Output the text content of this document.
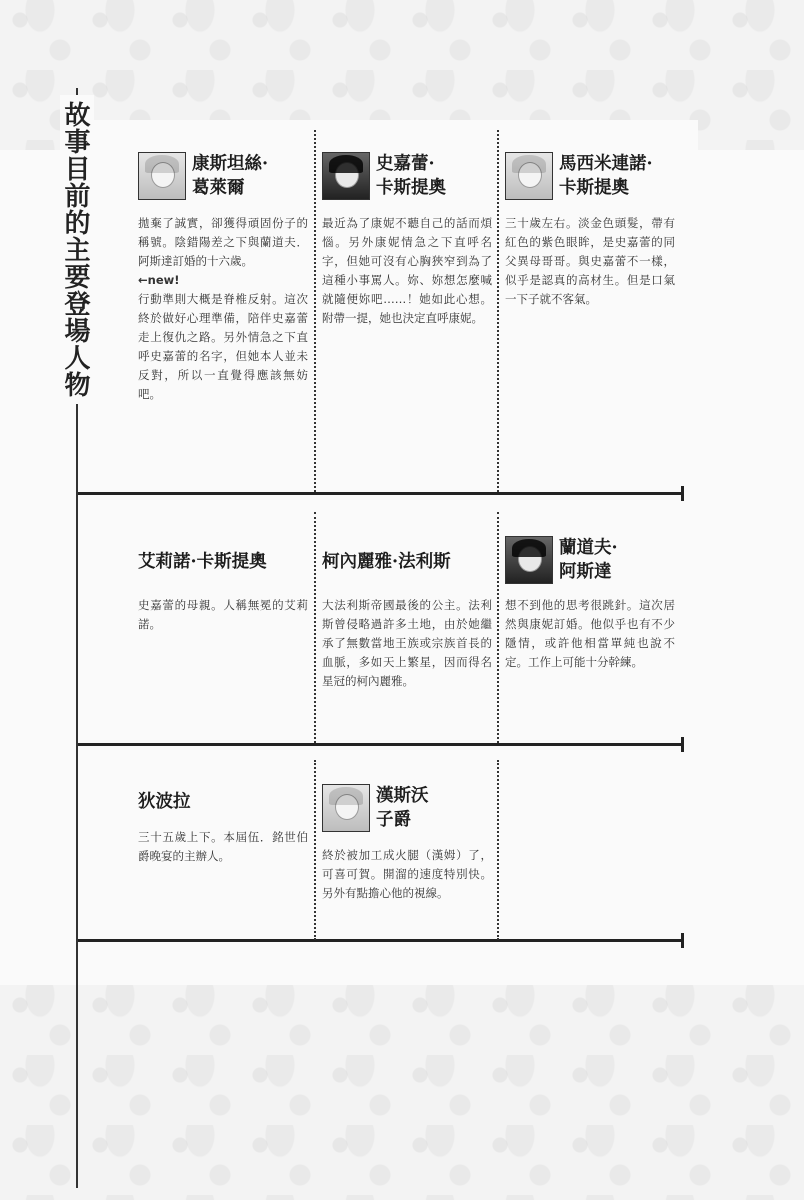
故事目前的主要登場人物	康斯坦絲·
葛萊爾
拋棄了誠實，卻獲得頑固份子的稱號。陰錯陽差之下與蘭道夫．阿斯達訂婚的十六歲。
←new!
行動準則大概是脊椎反射。這次終於做好心理準備，陪伴史嘉蕾走上復仇之路。另外情急之下直呼史嘉蕾的名字，但她本人並未反對，所以一直覺得應該無妨吧。
史嘉蕾·
卡斯提奧
最近為了康妮不聽自己的話而煩惱。另外康妮情急之下直呼名字，但她可沒有心胸狹窄到為了這種小事罵人。妳、妳想怎麼喊就隨便妳吧……！她如此心想。附帶一提，她也決定直呼康妮。
馬西米連諾·
卡斯提奧
三十歲左右。淡金色頭髮，帶有紅色的紫色眼眸，是史嘉蕾的同父異母哥哥。與史嘉蕾不一樣，似乎是認真的高材生。但是口氣一下子就不客氣。
艾莉諾·卡斯提奧
史嘉蕾的母親。人稱無冕的艾莉諾。
柯內麗雅·法利斯
大法利斯帝國最後的公主。法利斯曾侵略過許多土地，由於她繼承了無數當地王族或宗族首長的血脈，多如天上繁星，因而得名星冠的柯內麗雅。
蘭道夫·
阿斯達
想不到他的思考很跳針。這次居然與康妮訂婚。他似乎也有不少隱情，或許他相當單純也說不定。工作上可能十分幹練。
狄波拉
三十五歲上下。本屆伍．銘世伯爵晚宴的主辦人。
漢斯沃
子爵
終於被加工成火腿（漢姆）了，可喜可賀。開溜的速度特別快。另外有點擔心他的視線。
